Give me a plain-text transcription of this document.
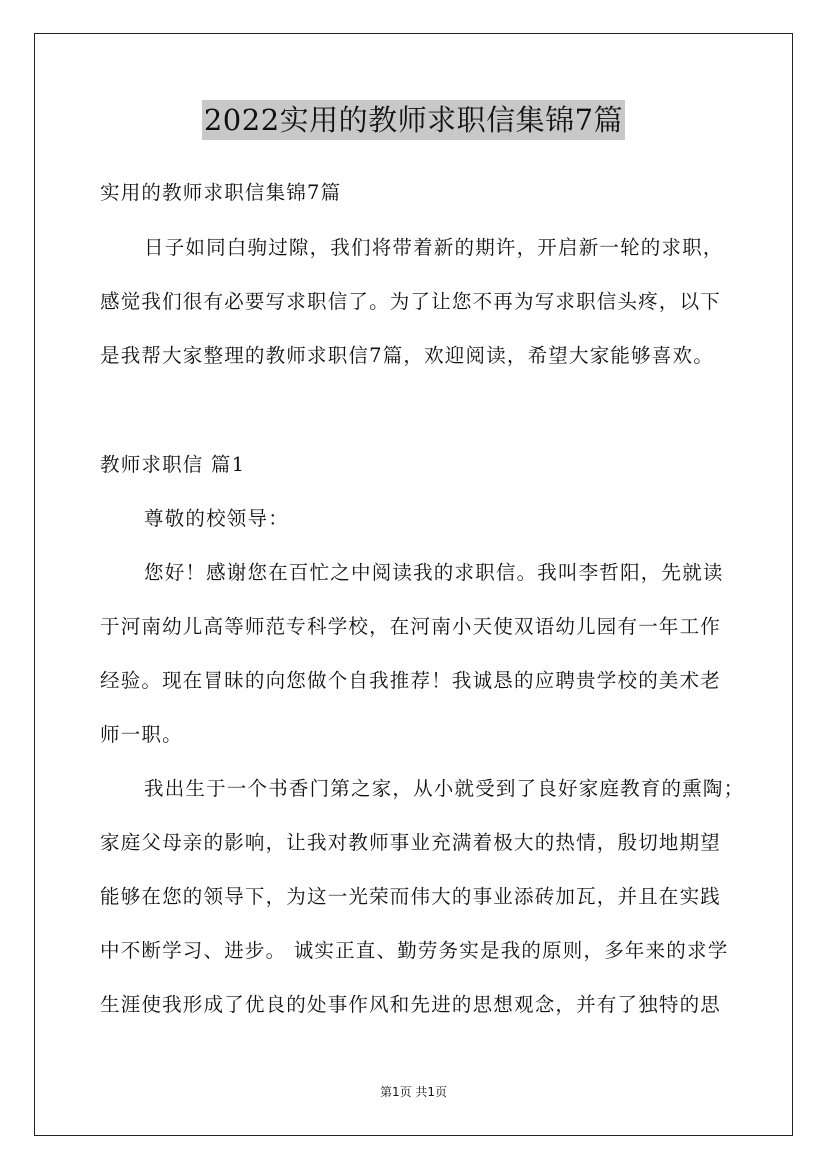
2022实用的教师求职信集锦7篇
实用的教师求职信集锦7篇
日子如同白驹过隙，我们将带着新的期许，开启新一轮的求职，
感觉我们很有必要写求职信了。为了让您不再为写求职信头疼，以下
是我帮大家整理的教师求职信7篇，欢迎阅读，希望大家能够喜欢。
教师求职信 篇1
尊敬的校领导：
您好！感谢您在百忙之中阅读我的求职信。我叫李哲阳，先就读
于河南幼儿高等师范专科学校，在河南小天使双语幼儿园有一年工作
经验。现在冒昧的向您做个自我推荐！我诚恳的应聘贵学校的美术老
师一职。
我出生于一个书香门第之家，从小就受到了良好家庭教育的熏陶；
家庭父母亲的影响，让我对教师事业充满着极大的热情，殷切地期望
能够在您的领导下，为这一光荣而伟大的事业添砖加瓦，并且在实践
中不断学习、进步。 诚实正直、勤劳务实是我的原则，多年来的求学
生涯使我形成了优良的处事作风和先进的思想观念，并有了独特的思
第1页 共1页
